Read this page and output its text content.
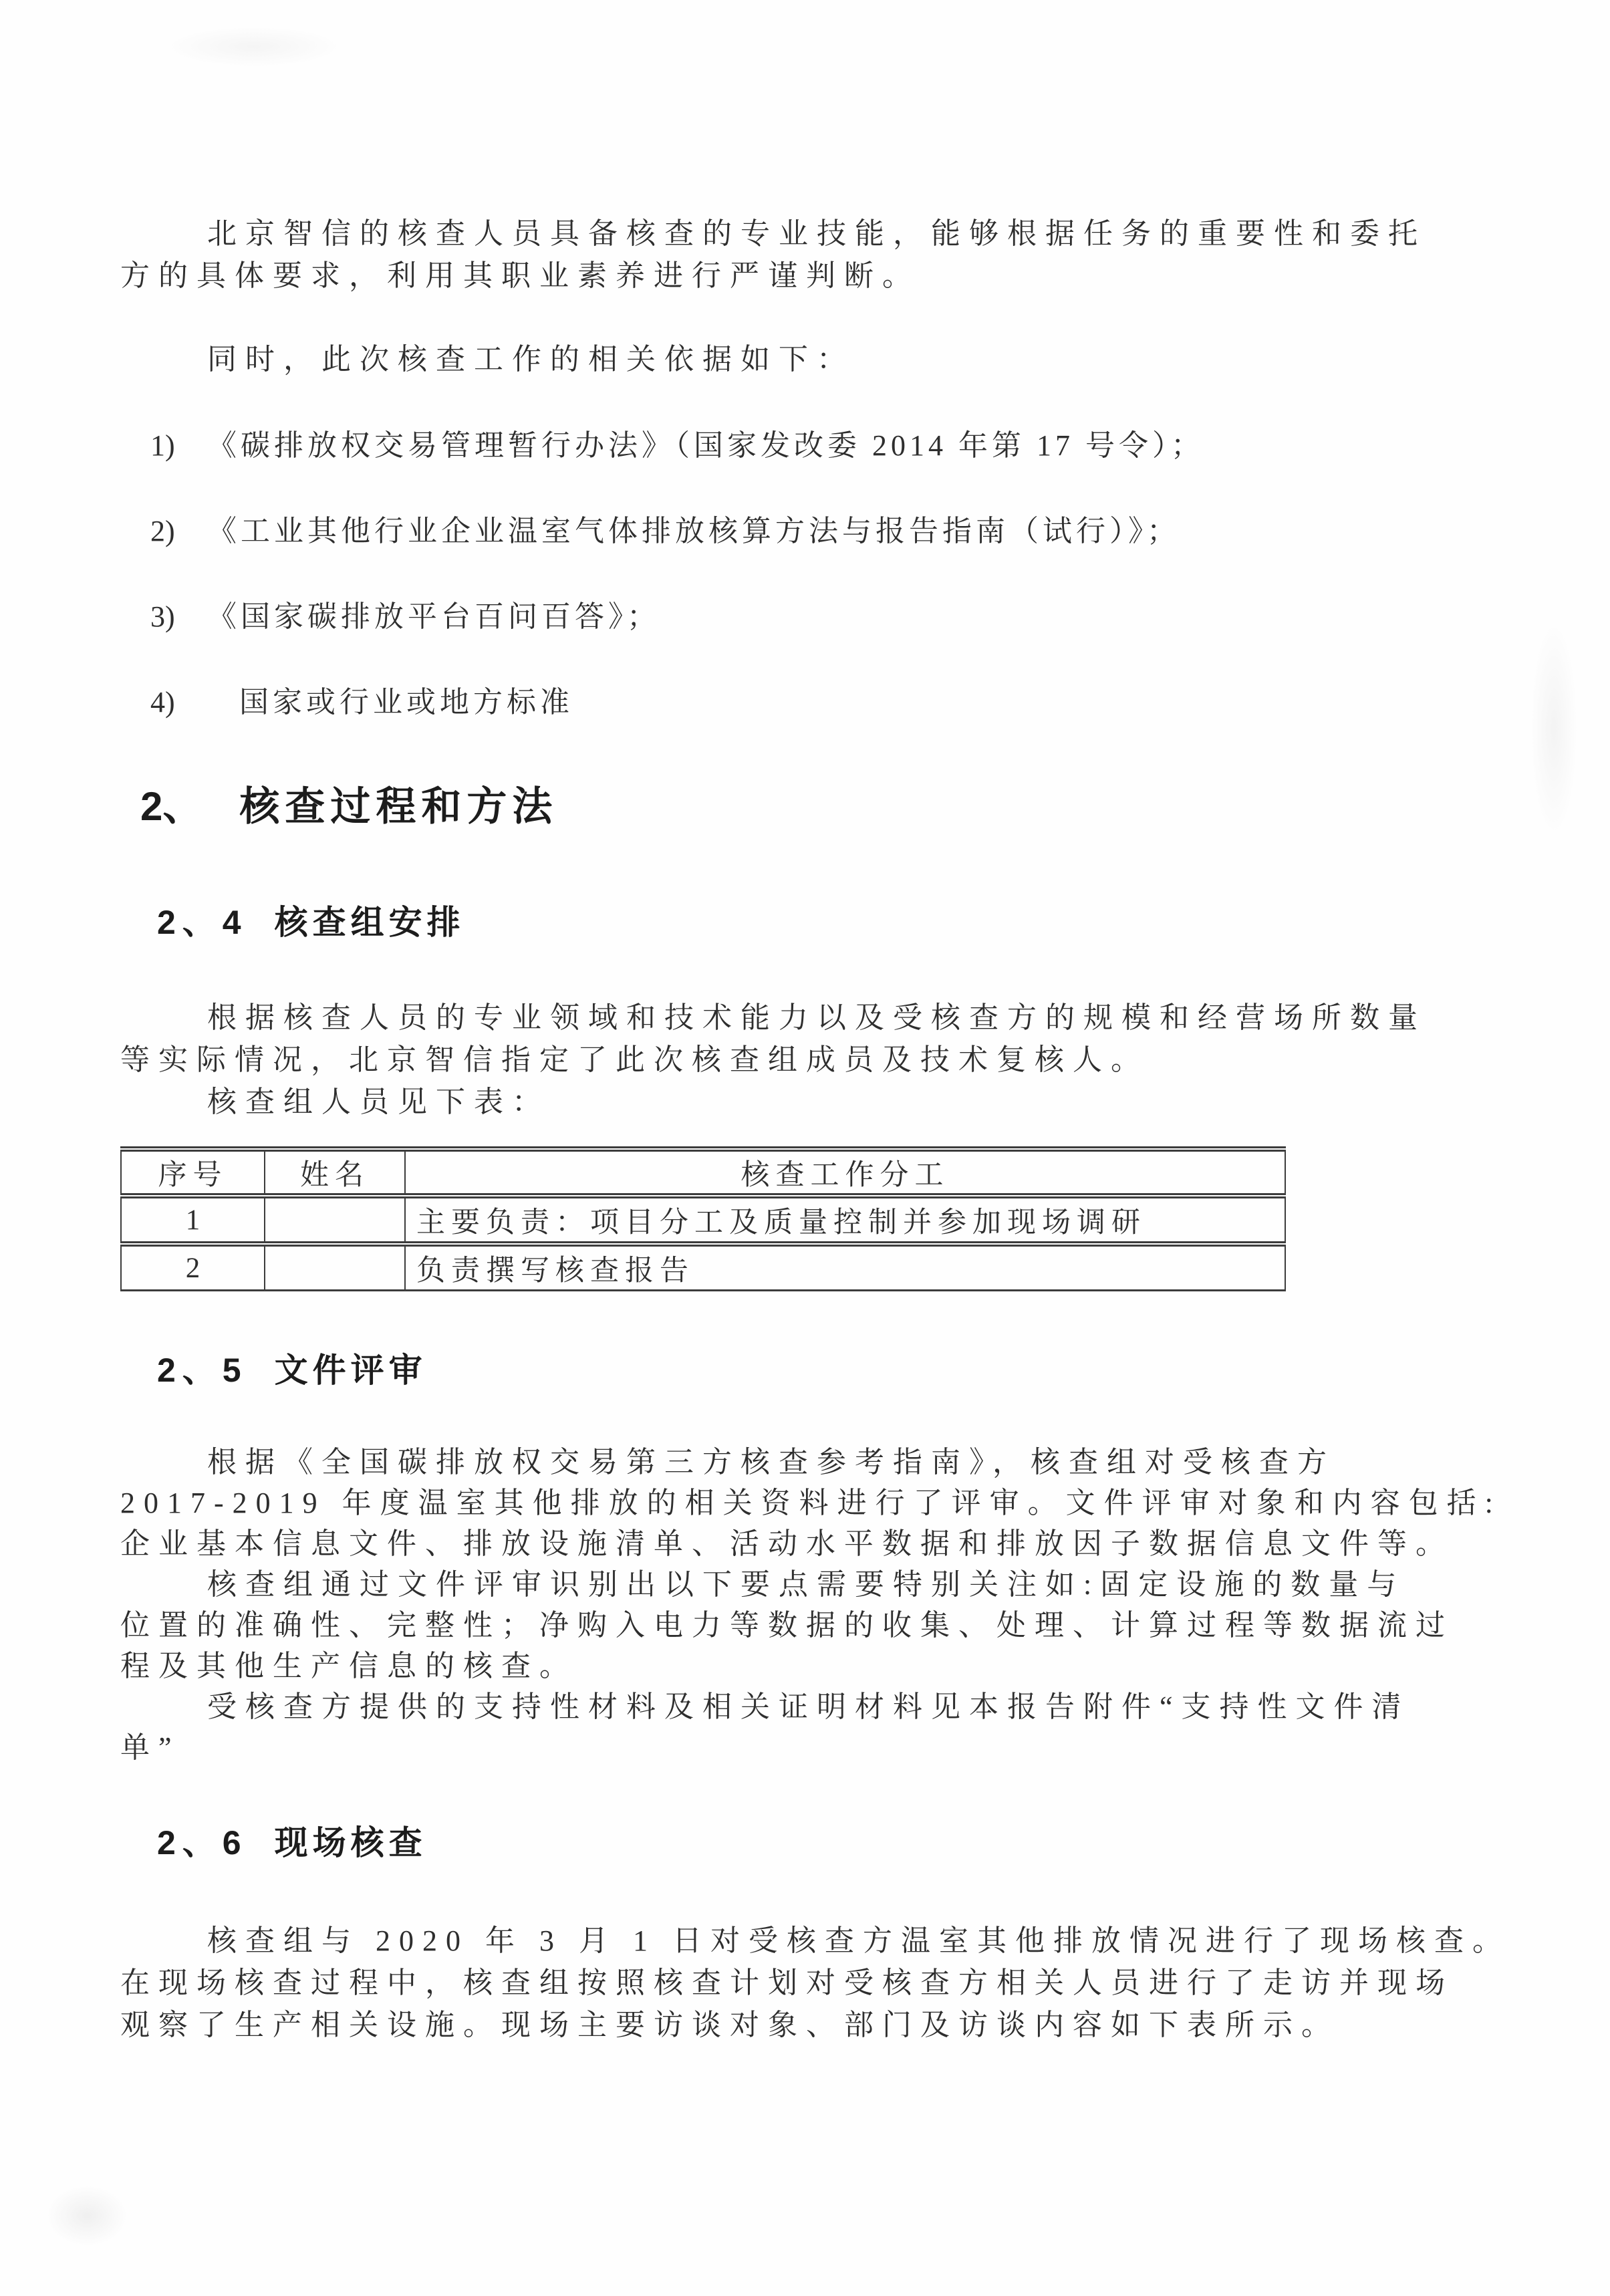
北京智信的核查人员具备核查的专业技能，能够根据任务的重要性和委托
方的具体要求，利用其职业素养进行严谨判断。
同时，此次核查工作的相关依据如下：
1) 《碳排放权交易管理暂行办法》（国家发改委 2014 年第 17 号令）；
2) 《工业其他行业企业温室气体排放核算方法与报告指南（试行）》；
3) 《国家碳排放平台百问百答》；
4) 国家或行业或地方标准
2、 核查过程和方法
2、4 核查组安排
根据核查人员的专业领域和技术能力以及受核查方的规模和经营场所数量
等实际情况，北京智信指定了此次核查组成员及技术复核人。
核查组人员见下表：
序号	姓名	核查工作分工
1		主要负责：项目分工及质量控制并参加现场调研
2		负责撰写核查报告
2、5 文件评审
根据《全国碳排放权交易第三方核查参考指南》，核查组对受核查方
2017-2019 年度温室其他排放的相关资料进行了评审。文件评审对象和内容包括:
企业基本信息文件、排放设施清单、活动水平数据和排放因子数据信息文件等。
核查组通过文件评审识别出以下要点需要特别关注如:固定设施的数量与
位置的准确性、完整性；净购入电力等数据的收集、处理、计算过程等数据流过
程及其他生产信息的核查。
受核查方提供的支持性材料及相关证明材料见本报告附件“支持性文件清
单”
2、6 现场核查
核查组与 2020 年 3 月 1 日对受核查方温室其他排放情况进行了现场核查。
在现场核查过程中，核查组按照核查计划对受核查方相关人员进行了走访并现场
观察了生产相关设施。现场主要访谈对象、部门及访谈内容如下表所示。
